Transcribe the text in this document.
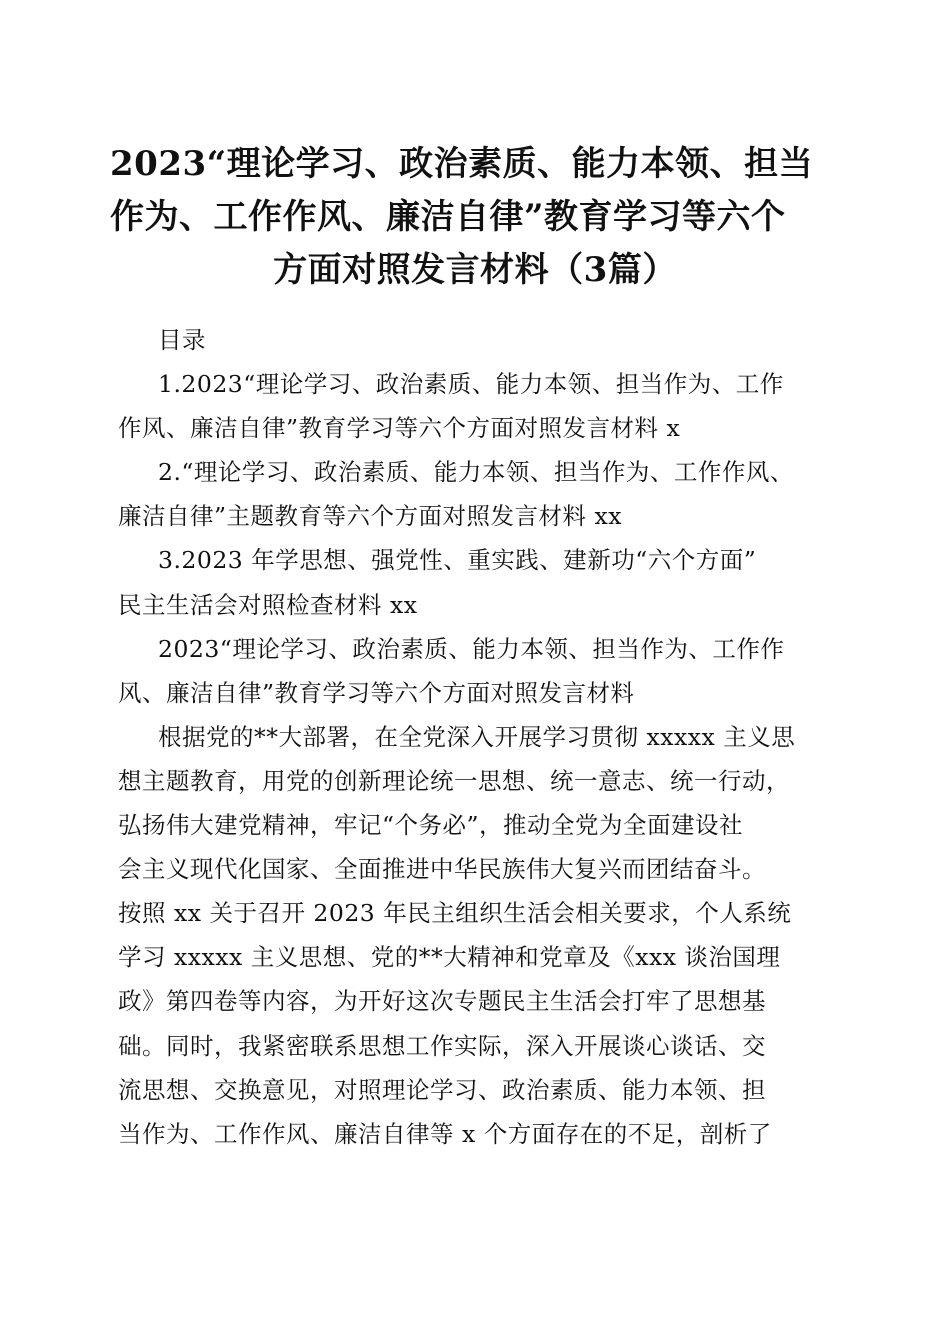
2023“理论学习、政治素质、能力本领、担当
作为、工作作风、廉洁自律”教育学习等六个
方面对照发言材料（3篇）

目录

1.2023“理论学习、政治素质、能力本领、担当作为、工作

作风、廉洁自律”教育学习等六个方面对照发言材料 x

2.“理论学习、政治素质、能力本领、担当作为、工作作风、

廉洁自律”主题教育等六个方面对照发言材料 xx

3.2023 年学思想、强党性、重实践、建新功“六个方面”

民主生活会对照检查材料 xx

2023“理论学习、政治素质、能力本领、担当作为、工作作

风、廉洁自律”教育学习等六个方面对照发言材料

根据党的**大部署，在全党深入开展学习贯彻 xxxxx 主义思

想主题教育，用党的创新理论统一思想、统一意志、统一行动，

弘扬伟大建党精神，牢记“个务必”，推动全党为全面建设社

会主义现代化国家、全面推进中华民族伟大复兴而团结奋斗。

按照 xx 关于召开 2023 年民主组织生活会相关要求，个人系统

学习 xxxxx 主义思想、党的**大精神和党章及《xxx 谈治国理

政》第四卷等内容，为开好这次专题民主生活会打牢了思想基

础。同时，我紧密联系思想工作实际，深入开展谈心谈话、交

流思想、交换意见，对照理论学习、政治素质、能力本领、担

当作为、工作作风、廉洁自律等 x 个方面存在的不足，剖析了
